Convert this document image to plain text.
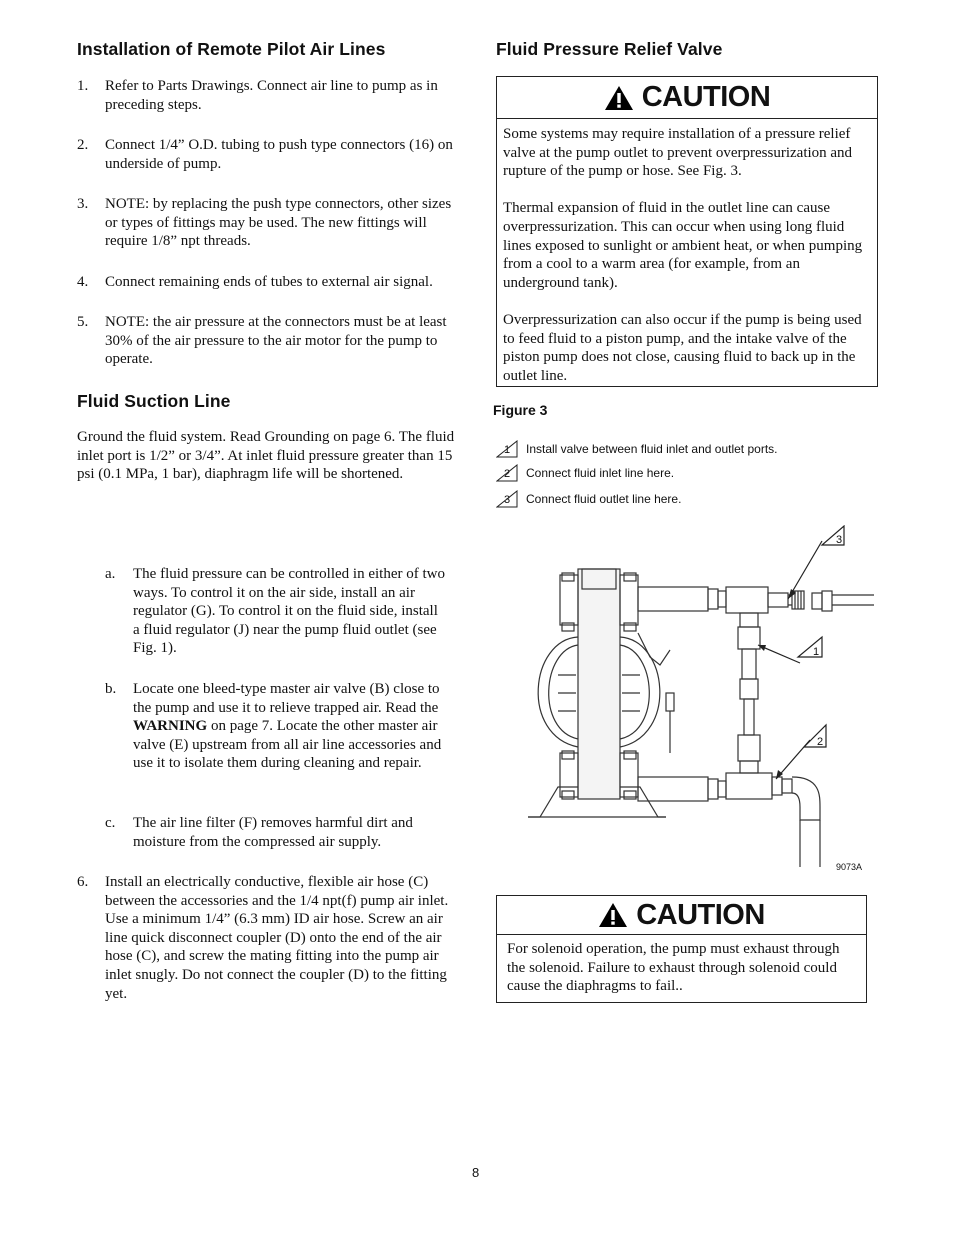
Installation of Remote Pilot Air Lines
1. Refer to Parts Drawings. Connect air line to pump as in preceding steps.

2. Connect 1/4” O.D. tubing to push type connectors (16) on underside of pump.

3. NOTE: by replacing the push type connectors, other sizes or types of fittings may be used. The new fittings will require 1/8” npt threads.

4. Connect remaining ends of tubes to external air signal.

5. NOTE: the air pressure at the connectors must be at least 30% of the air pressure to the air motor for the pump to operate.

Fluid Suction Line

Ground the fluid system. Read Grounding on page 6. The fluid inlet port is 1/2” or 3/4”. At inlet fluid pressure greater than 15 psi (0.1 MPa, 1 bar), diaphragm life will be shortened.

a. The fluid pressure can be controlled in either of two ways. To control it on the air side, install an air regulator (G). To control it on the fluid side, install a fluid regulator (J) near the pump fluid outlet (see Fig. 1).

b. Locate one bleed-type master air valve (B) close to the pump and use it to relieve trapped air. Read the WARNING on page 7. Locate the other master air valve (E) upstream from all air line accessories and use it to isolate them during cleaning and repair.

c. The air line filter (F) removes harmful dirt and moisture from the compressed air supply.

6. Install an electrically conductive, flexible air hose (C) between the accessories and the 1/4 npt(f) pump air inlet. Use a minimum 1/4” (6.3 mm) ID air hose. Screw an air line quick disconnect coupler (D) onto the end of the air hose (C), and screw the mating fitting into the pump air inlet snugly. Do not connect the coupler (D) to the fitting yet.

Fluid Pressure Relief Valve
CAUTION

Some systems may require installation of a pressure relief valve at the pump outlet to prevent overpressurization and rupture of the pump or hose. See Fig. 3.

Thermal expansion of fluid in the outlet line can cause overpressurization. This can occur when using long fluid lines exposed to sunlight or ambient heat, or when pumping from a cool to a warm area (for example, from an underground tank).

Overpressurization can also occur if the pump is being used to feed fluid to a piston pump, and the intake valve of the piston pump does not close, causing fluid to back up in the outlet line.

Figure 3
1	Install valve between fluid inlet and outlet ports.
2	Connect fluid inlet line here.
3	Connect fluid outlet line here.
3
1
2
9073A
CAUTION

For solenoid operation, the pump must exhaust through the solenoid. Failure to exhaust through solenoid could cause the diaphragms to fail..

8
